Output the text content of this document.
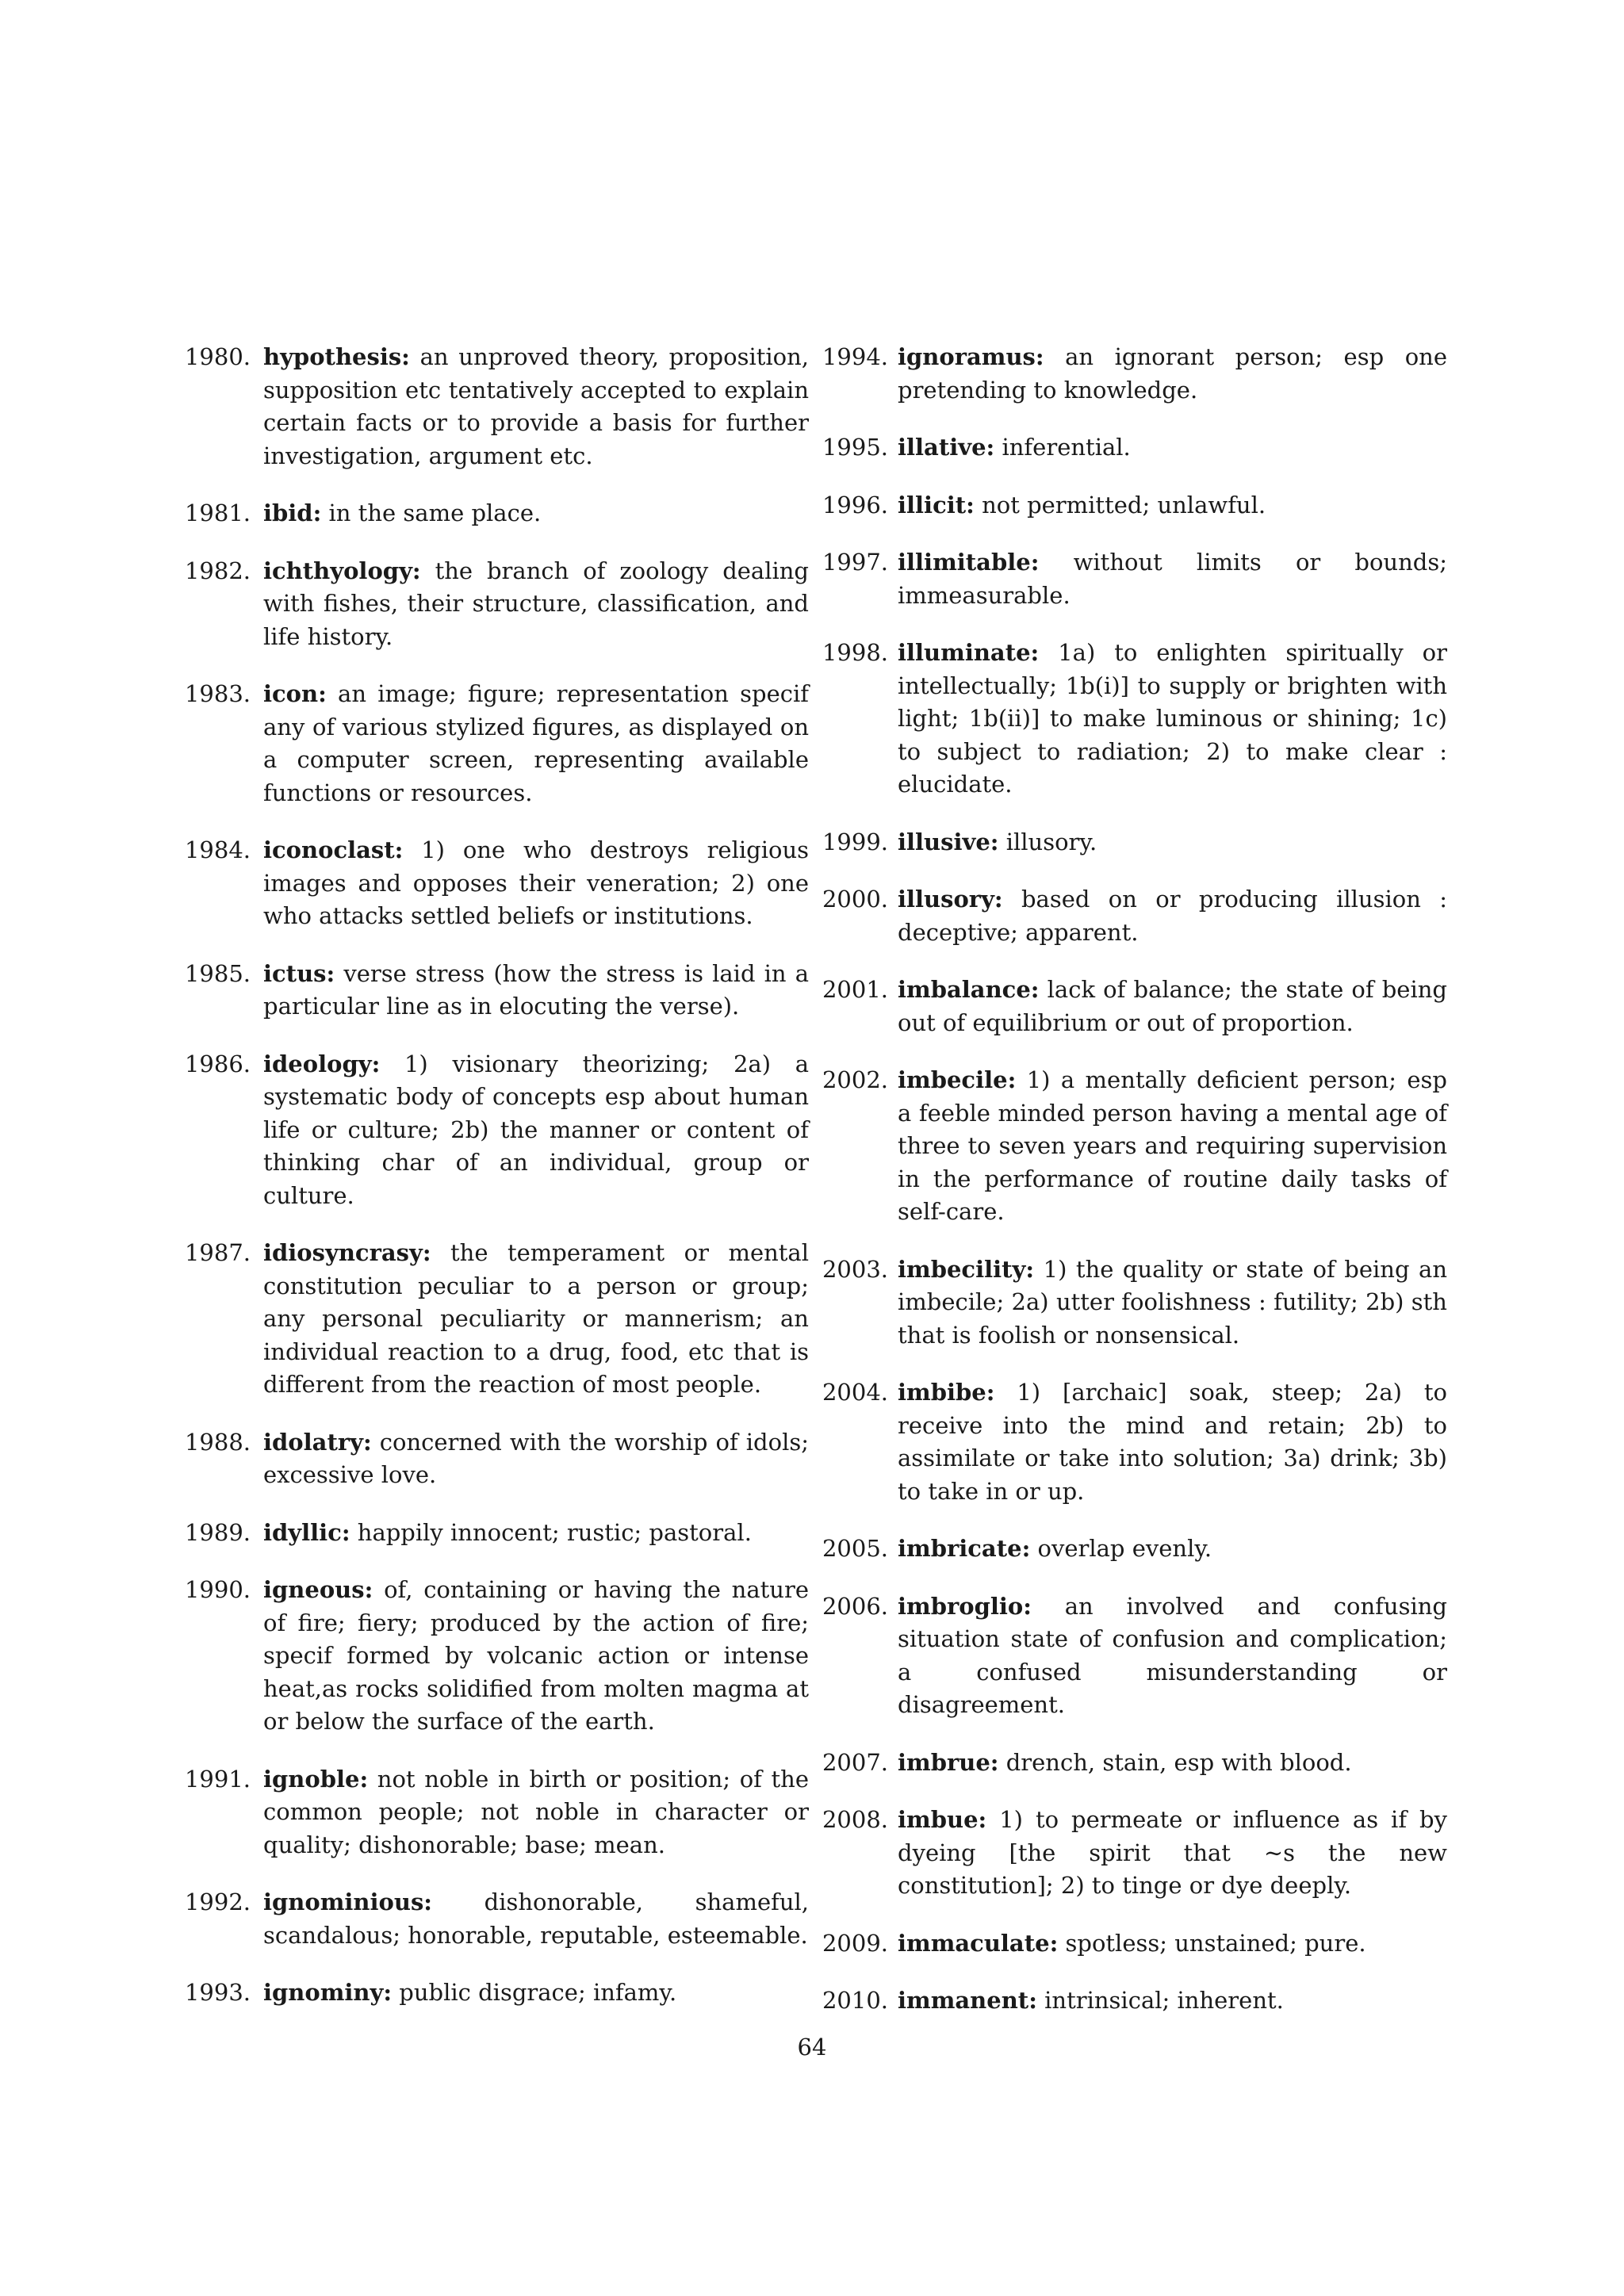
1980. hypothesis: an unproved theory, proposition, supposition etc tentatively accepted to explain certain facts or to provide a basis for further investigation, argument etc.
1981. ibid: in the same place.
1982. ichthyology: the branch of zoology dealing with fishes, their structure, classification, and life history.
1983. icon: an image; figure; representation specif any of various stylized figures, as displayed on a computer screen, representing available functions or resources.
1984. iconoclast: 1) one who destroys religious images and opposes their veneration; 2) one who attacks settled beliefs or institutions.
1985. ictus: verse stress (how the stress is laid in a particular line as in elocuting the verse).
1986. ideology: 1) visionary theorizing; 2a) a systematic body of concepts esp about human life or culture; 2b) the manner or content of thinking char of an individual, group or culture.
1987. idiosyncrasy: the temperament or mental constitution peculiar to a person or group; any personal peculiarity or mannerism; an individual reaction to a drug, food, etc that is different from the reaction of most people.
1988. idolatry: concerned with the worship of idols; excessive love.
1989. idyllic: happily innocent; rustic; pastoral.
1990. igneous: of, containing or having the nature of fire; fiery; produced by the action of fire; specif formed by volcanic action or intense heat,as rocks solidified from molten magma at or below the surface of the earth.
1991. ignoble: not noble in birth or position; of the common people; not noble in character or quality; dishonorable; base; mean.
1992. ignominious: dishonorable, shameful, scandalous; honorable, reputable, esteemable.
1993. ignominy: public disgrace; infamy.
1994. ignoramus: an ignorant person; esp one pretending to knowledge.
1995. illative: inferential.
1996. illicit: not permitted; unlawful.
1997. illimitable: without limits or bounds; immeasurable.
1998. illuminate: 1a) to enlighten spiritually or intellectually; 1b(i)] to supply or brighten with light; 1b(ii)] to make luminous or shining; 1c) to subject to radiation; 2) to make clear : elucidate.
1999. illusive: illusory.
2000. illusory: based on or producing illusion : deceptive; apparent.
2001. imbalance: lack of balance; the state of being out of equilibrium or out of proportion.
2002. imbecile: 1) a mentally deficient person; esp a feeble minded person having a mental age of three to seven years and requiring supervision in the performance of routine daily tasks of self-care.
2003. imbecility: 1) the quality or state of being an imbecile; 2a) utter foolishness : futility; 2b) sth that is foolish or nonsensical.
2004. imbibe: 1) [archaic] soak, steep; 2a) to receive into the mind and retain; 2b) to assimilate or take into solution; 3a) drink; 3b) to take in or up.
2005. imbricate: overlap evenly.
2006. imbroglio: an involved and confusing situation state of confusion and complication; a confused misunderstanding or disagreement.
2007. imbrue: drench, stain, esp with blood.
2008. imbue: 1) to permeate or influence as if by dyeing [the spirit that ∼s the new constitution]; 2) to tinge or dye deeply.
2009. immaculate: spotless; unstained; pure.
2010. immanent: intrinsical; inherent.
64
